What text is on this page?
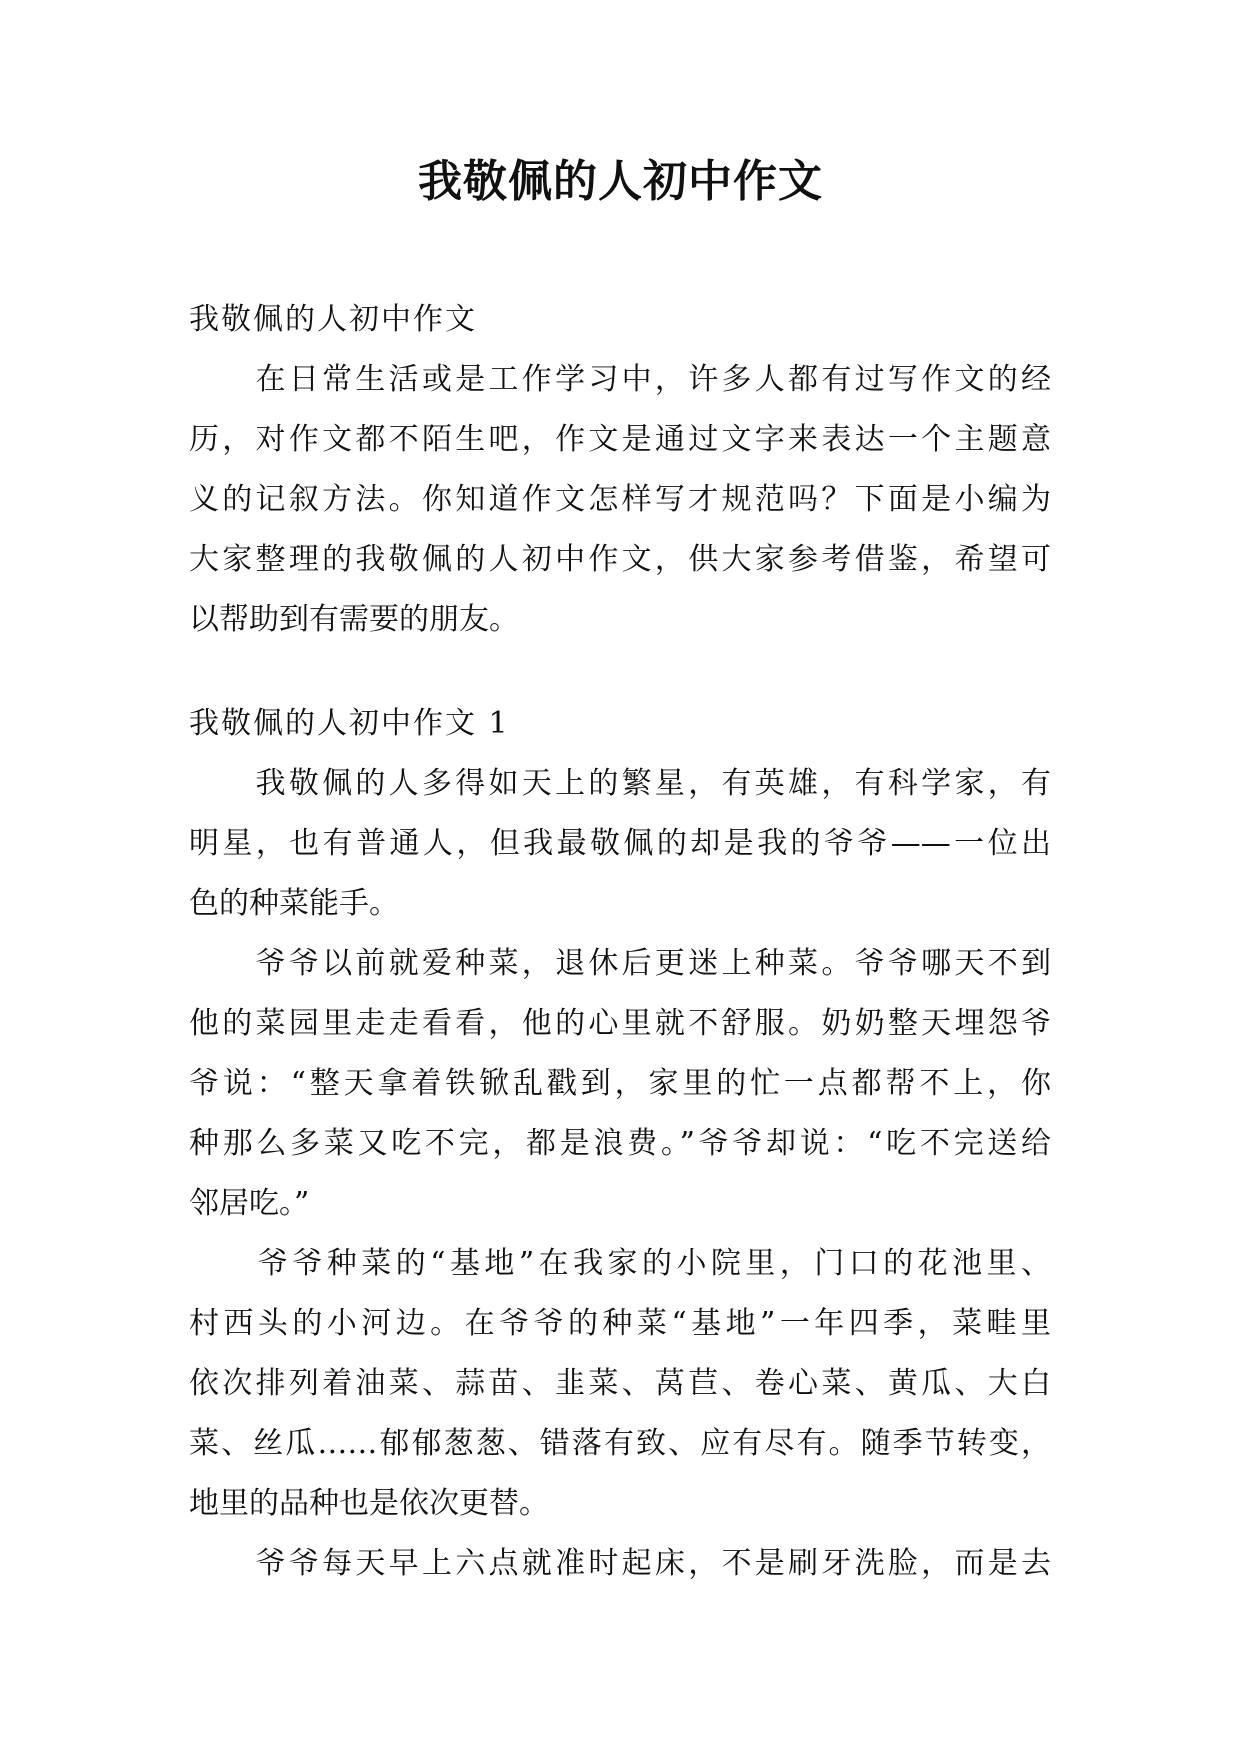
我敬佩的人初中作文
我敬佩的人初中作文
　　在日常生活或是工作学习中，许多人都有过写作文的经
历，对作文都不陌生吧，作文是通过文字来表达一个主题意
义的记叙方法。你知道作文怎样写才规范吗？下面是小编为
大家整理的我敬佩的人初中作文，供大家参考借鉴，希望可
以帮助到有需要的朋友。
我敬佩的人初中作文 1
　　我敬佩的人多得如天上的繁星，有英雄，有科学家，有
明星，也有普通人，但我最敬佩的却是我的爷爷——一位出
色的种菜能手。
　　爷爷以前就爱种菜，退休后更迷上种菜。爷爷哪天不到
他的菜园里走走看看，他的心里就不舒服。奶奶整天埋怨爷
爷说：“整天拿着铁锨乱戳到，家里的忙一点都帮不上，你
种那么多菜又吃不完，都是浪费。”爷爷却说：“吃不完送给
邻居吃。”
　　爷爷种菜的“基地”在我家的小院里，门口的花池里、
村西头的小河边。在爷爷的种菜“基地”一年四季，菜畦里
依次排列着油菜、蒜苗、韭菜、莴苣、卷心菜、黄瓜、大白
菜、丝瓜……郁郁葱葱、错落有致、应有尽有。随季节转变，
地里的品种也是依次更替。
　　爷爷每天早上六点就准时起床，不是刷牙洗脸，而是去
